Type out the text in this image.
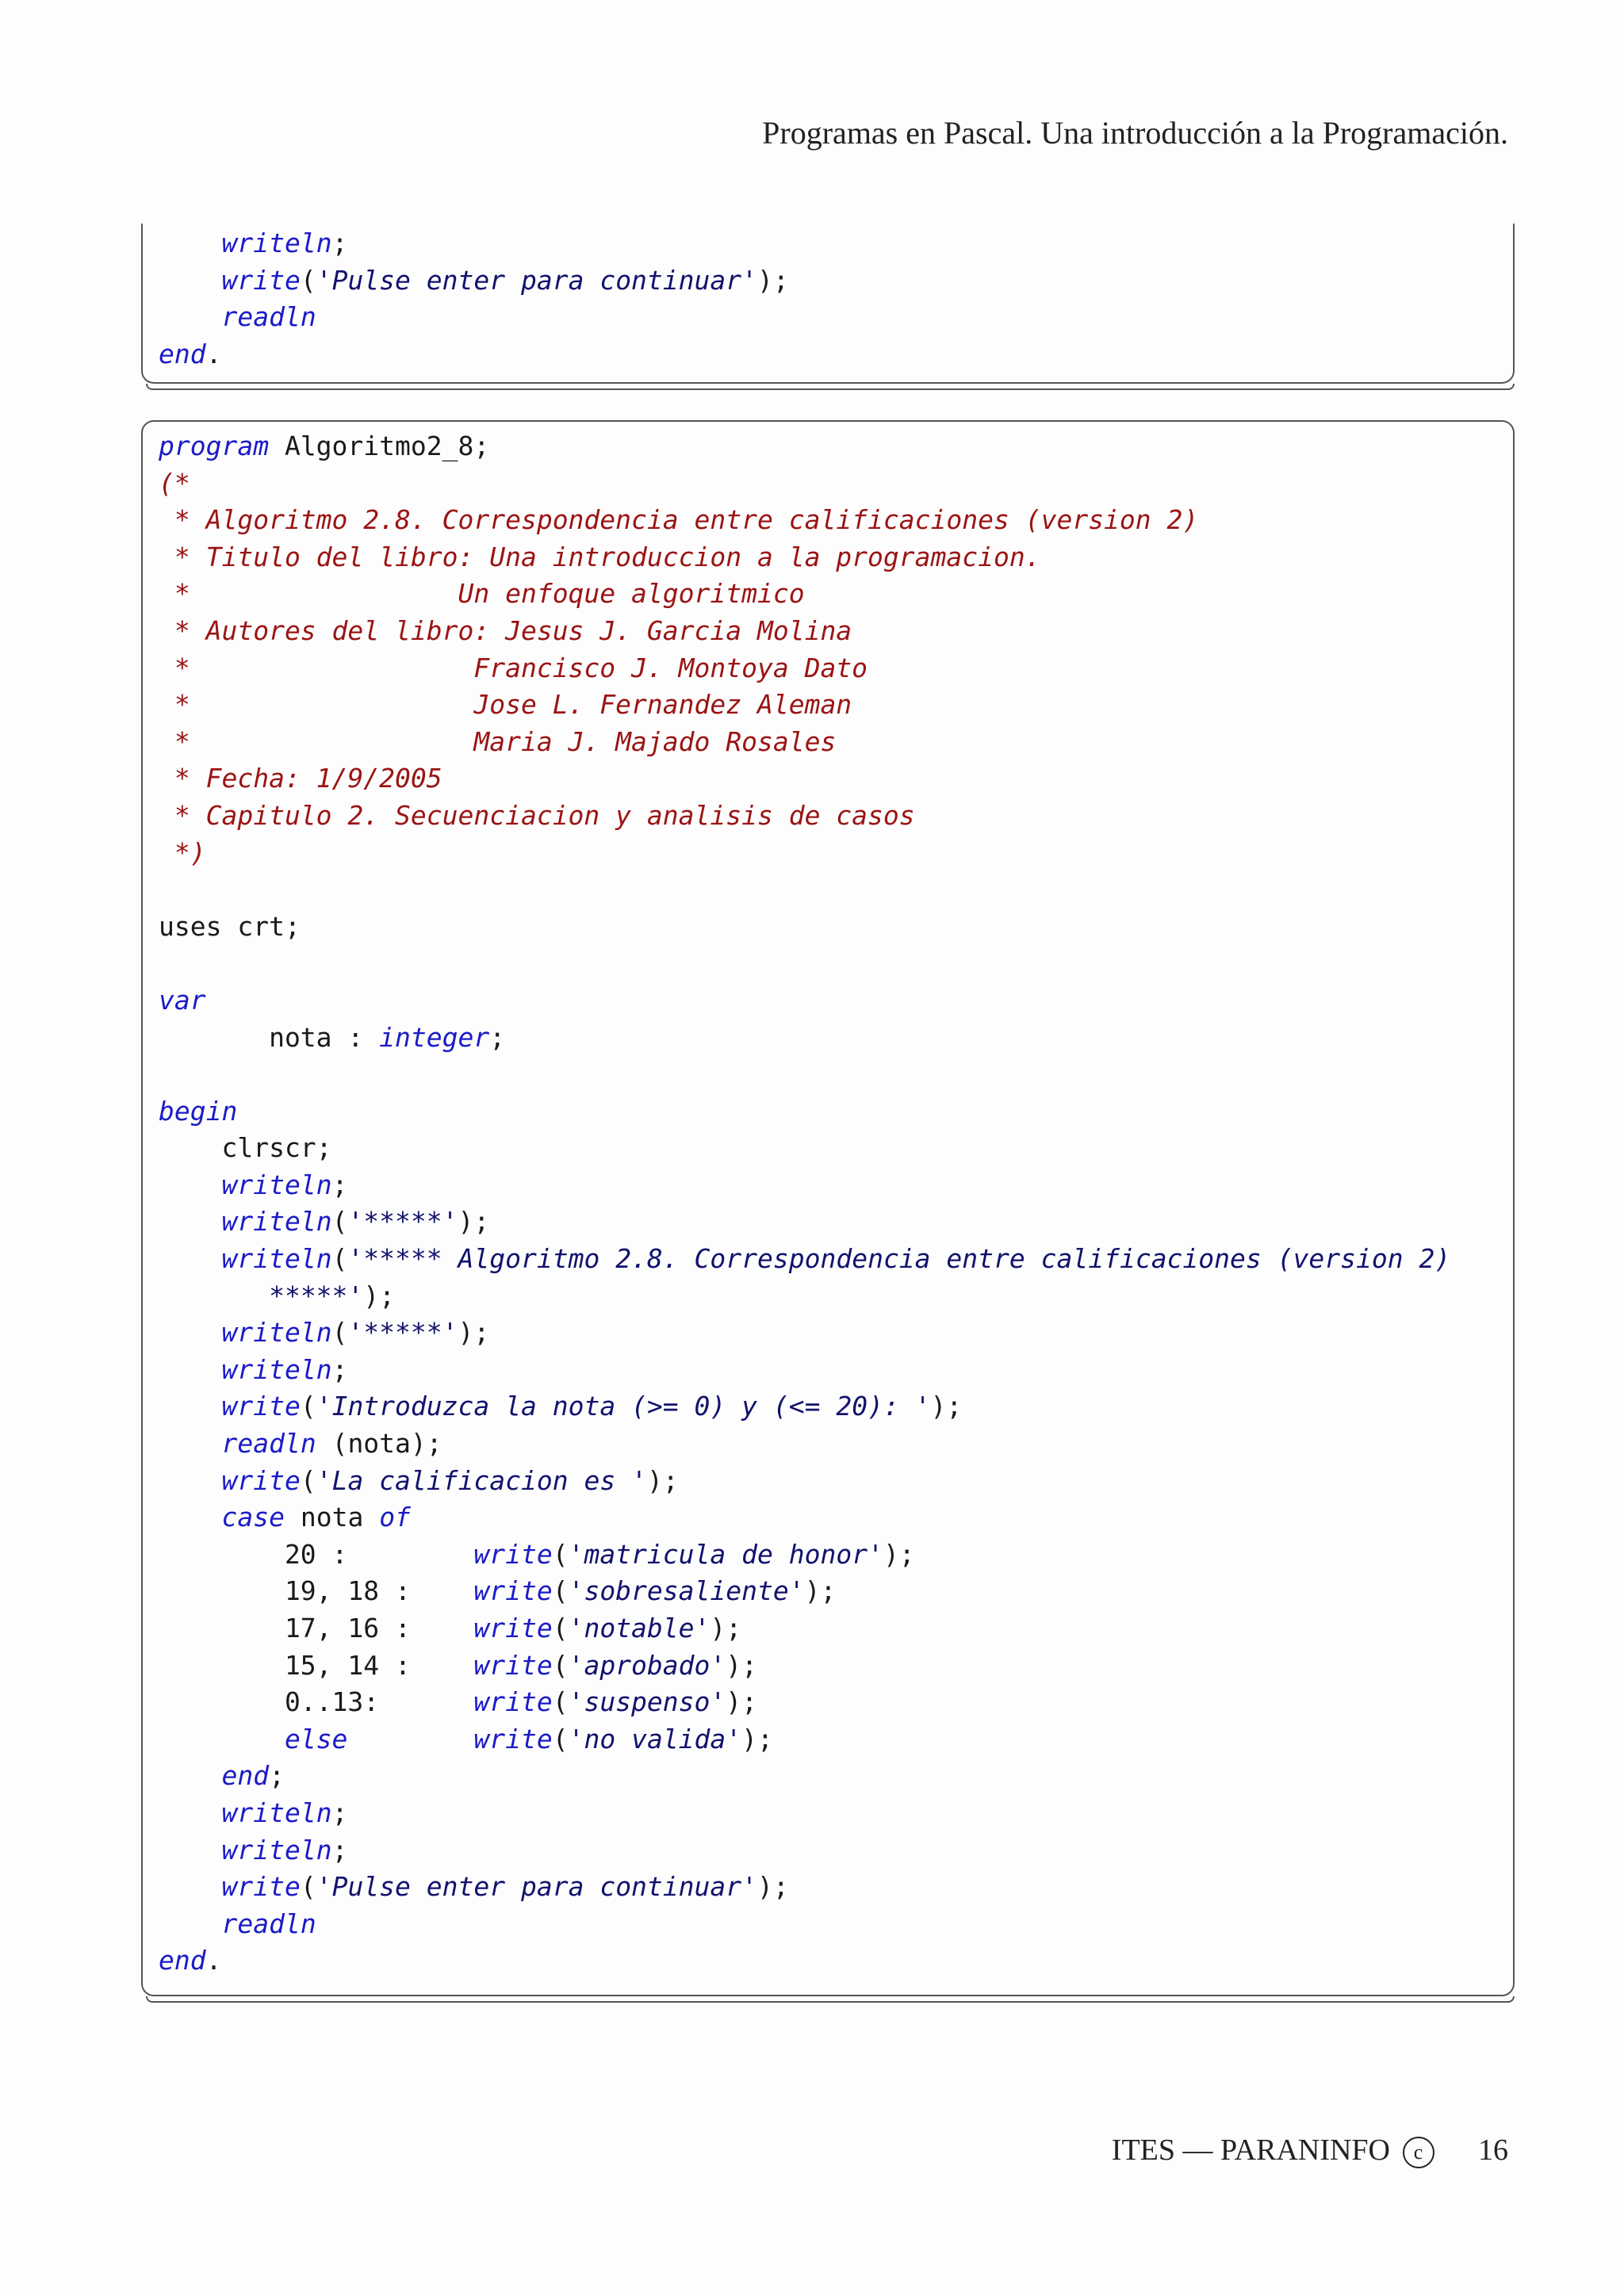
Programas en Pascal. Una introducción a la Programación.
writeln;
write('Pulse enter para continuar');
readln
end.
program Algoritmo2_8;
(*
* Algoritmo 2.8. Correspondencia entre calificaciones (version 2)
* Titulo del libro: Una introduccion a la programacion.
*                 Un enfoque algoritmico
* Autores del libro: Jesus J. Garcia Molina
*                  Francisco J. Montoya Dato
*                  Jose L. Fernandez Aleman
*                  Maria J. Majado Rosales
* Fecha: 1/9/2005
* Capitulo 2. Secuenciacion y analisis de casos
*)
uses crt;
var
nota : integer;
begin
clrscr;
writeln;
writeln('*****');
writeln('***** Algoritmo 2.8. Correspondencia entre calificaciones (version 2)
*****');
writeln('*****');
writeln;
write('Introduzca la nota (>= 0) y (<= 20): ');
readln (nota);
write('La calificacion es ');
case nota of
20 :        write('matricula de honor');
19, 18 :    write('sobresaliente');
17, 16 :    write('notable');
15, 14 :    write('aprobado');
0..13:      write('suspenso');
else	write('no valida');
end;
writeln;
writeln;
write('Pulse enter para continuar');
readln
end.
ITES — PARANINFO c 16
